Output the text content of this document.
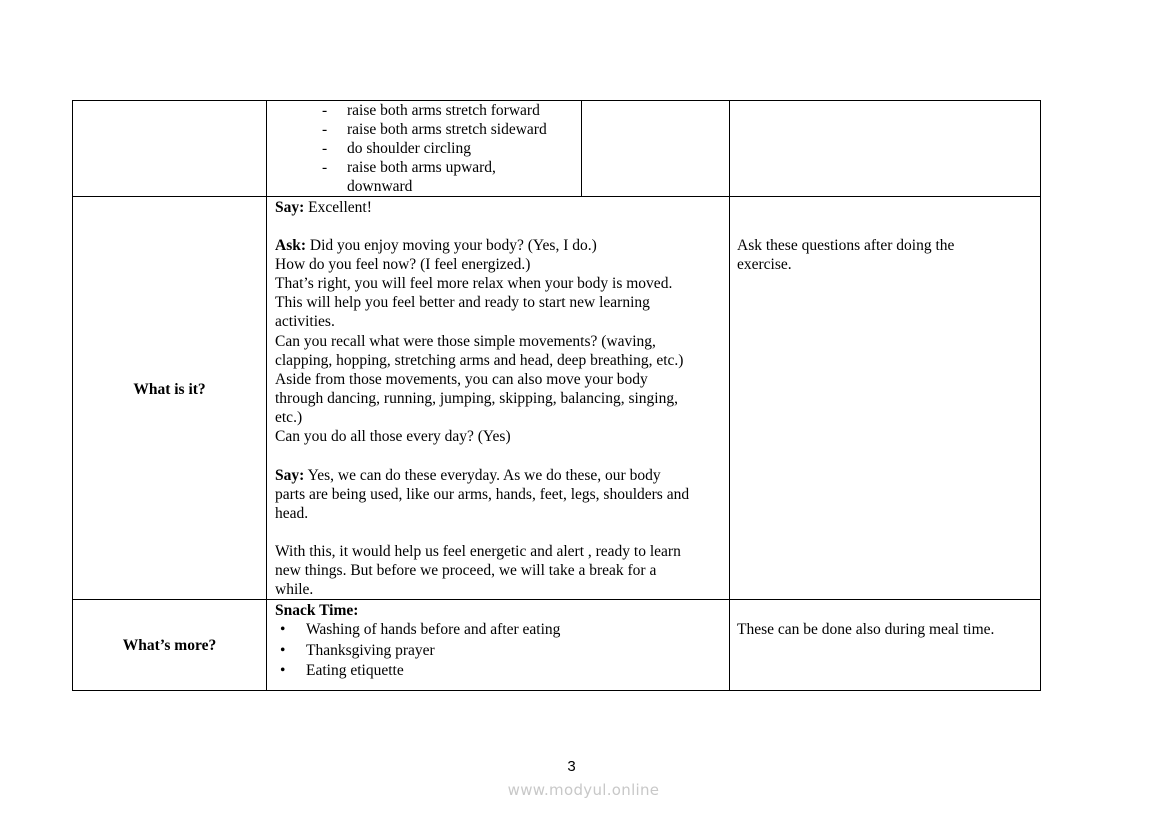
- raise both arms stretch forward
- raise both arms stretch sideward
- do shoulder circling
- raise both arms upward,
downward
What is it?
Say: Excellent!
Ask: Did you enjoy moving your body? (Yes, I do.)
How do you feel now? (I feel energized.)
That’s right, you will feel more relax when your body is moved.
This will help you feel better and ready to start new learning
activities.
Can you recall what were those simple movements? (waving,
clapping, hopping, stretching arms and head, deep breathing, etc.)
Aside from those movements, you can also move your body
through dancing, running, jumping, skipping, balancing, singing,
etc.)
Can you do all those every day? (Yes)
Say: Yes, we can do these everyday. As we do these, our body
parts are being used, like our arms, hands, feet, legs, shoulders and
head.
With this, it would help us feel energetic and alert , ready to learn
new things. But before we proceed, we will take a break for a
while.
Ask these questions after doing the
exercise.
What’s more?
Snack Time:
• Washing of hands before and after eating
• Thanksgiving prayer
• Eating etiquette
These can be done also during meal time.
3
www.modyul.online
